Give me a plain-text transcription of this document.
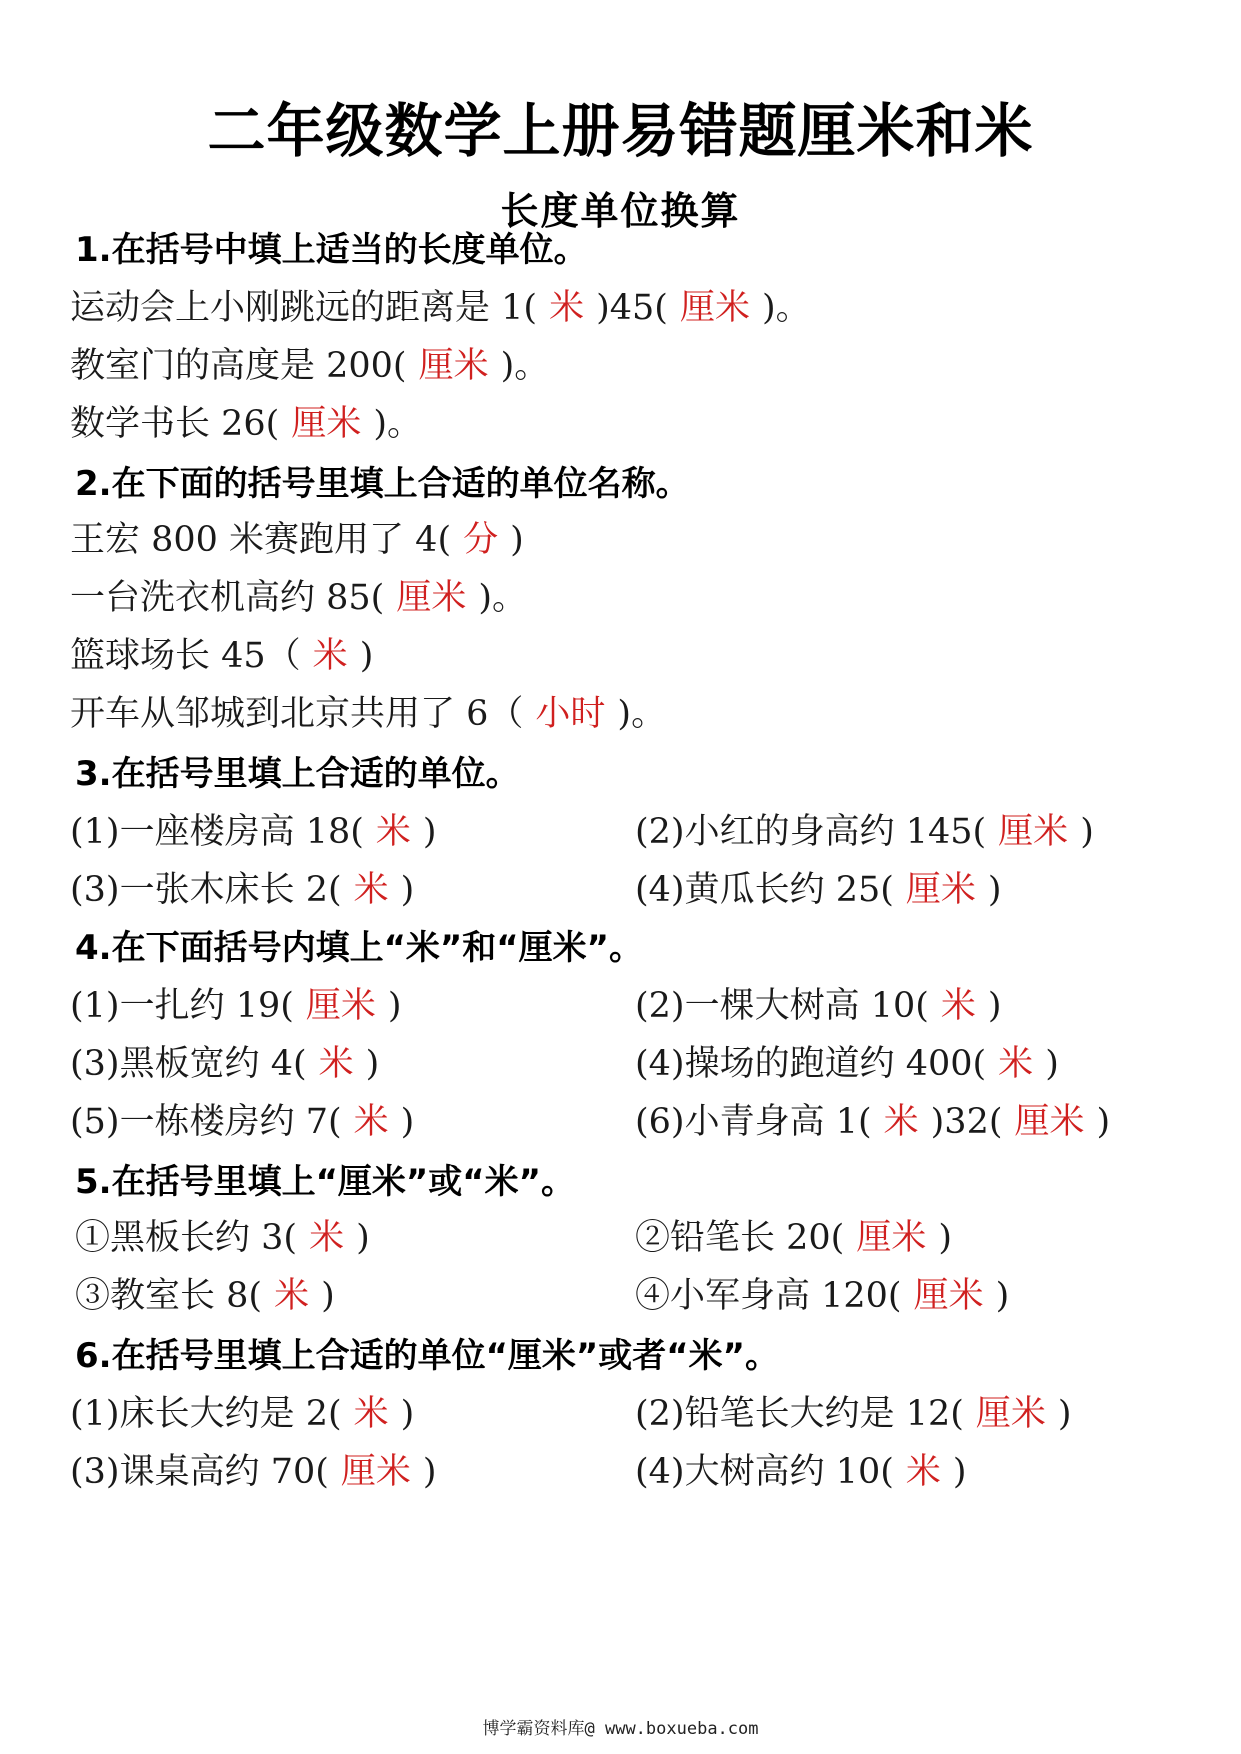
二年级数学上册易错题厘米和米
长度单位换算
1.在括号中填上适当的长度单位。
运动会上小刚跳远的距离是 1( 米 )45( 厘米 )。
教室门的高度是 200( 厘米 )。
数学书长 26( 厘米 )。
2.在下面的括号里填上合适的单位名称。
王宏 800 米赛跑用了 4( 分 )
一台洗衣机高约 85( 厘米 )。
篮球场长 45（ 米 )
开车从邹城到北京共用了 6（ 小时 )。
3.在括号里填上合适的单位。
(1)一座楼房高 18( 米 )	(2)小红的身高约 145( 厘米 )
(3)一张木床长 2( 米 )	(4)黄瓜长约 25( 厘米 )
4.在下面括号内填上“米”和“厘米”。
(1)一扎约 19( 厘米 )	(2)一棵大树高 10( 米 )
(3)黑板宽约 4( 米 )	(4)操场的跑道约 400( 米 )
(5)一栋楼房约 7( 米 )	(6)小青身高 1( 米 )32( 厘米 )
5.在括号里填上“厘米”或“米”。
①黑板长约 3( 米 )	②铅笔长 20( 厘米 )
③教室长 8( 米 )	④小军身高 120( 厘米 )
6.在括号里填上合适的单位“厘米”或者“米”。
(1)床长大约是 2( 米 )	(2)铅笔长大约是 12( 厘米 )
(3)课桌高约 70( 厘米 )	(4)大树高约 10( 米 )
博学霸资料库@ www.boxueba.com
